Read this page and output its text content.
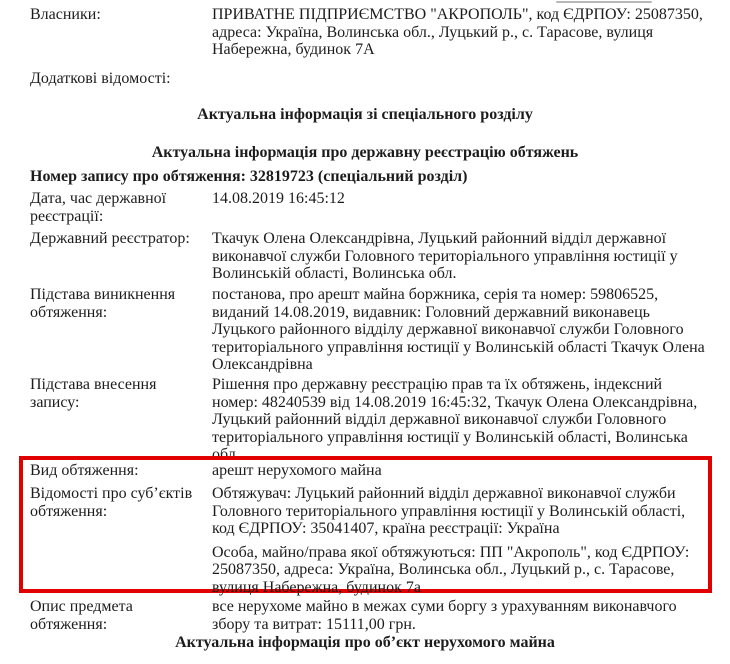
Власники:	ПРИВАТНЕ ПІДПРИЄМСТВО "АКРОПОЛЬ", код ЄДРПОУ: 25087350, адреса: Україна, Волинська обл., Луцький р., с. Тарасове, вулиця Набережна, будинок 7А
Додаткові відомості:
Актуальна інформація зі спеціального розділу
Актуальна інформація про державну реєстрацію обтяжень
Номер запису про обтяження: 32819723 (спеціальний розділ)
Дата, час державної реєстрації:
14.08.2019 16:45:12
Державний реєстратор:	Ткачук Олена Олександрівна, Луцький районний відділ державної виконавчої служби Головного територіального управління юстиції у Волинській області, Волинська обл.
Підстава виникнення обтяження:
постанова, про арешт майна боржника, серія та номер: 59806525, виданий 14.08.2019, видавник: Головний державний виконавець Луцького районного відділу державної виконавчої служби Головного територіального управління юстиції у Волинській області Ткачук Олена Олександрівна
Підстава внесення запису:
Рішення про державну реєстрацію прав та їх обтяжень, індексний номер: 48240539 від 14.08.2019 16:45:32, Ткачук Олена Олександрівна, Луцький районний відділ державної виконавчої служби Головного територіального управління юстиції у Волинській області, Волинська обл.
Вид обтяження:	арешт нерухомого майна
Відомості про суб’єктів обтяження:

Обтяжувач: Луцький районний відділ державної виконавчої служби Головного територіального управління юстиції у Волинській області, код ЄДРПОУ: 35041407, країна реєстрації: Україна

Особа, майно/права якої обтяжуються: ПП "Акрополь", код ЄДРПОУ: 25087350, адреса: Україна, Волинська обл., Луцький р., с. Тарасове, вулиця Набережна, будинок 7а

Опис предмета обтяження:
все нерухоме майно в межах суми боргу з урахуванням виконавчого збору та витрат: 15111,00 грн.
Актуальна інформація про об’єкт нерухомого майна
